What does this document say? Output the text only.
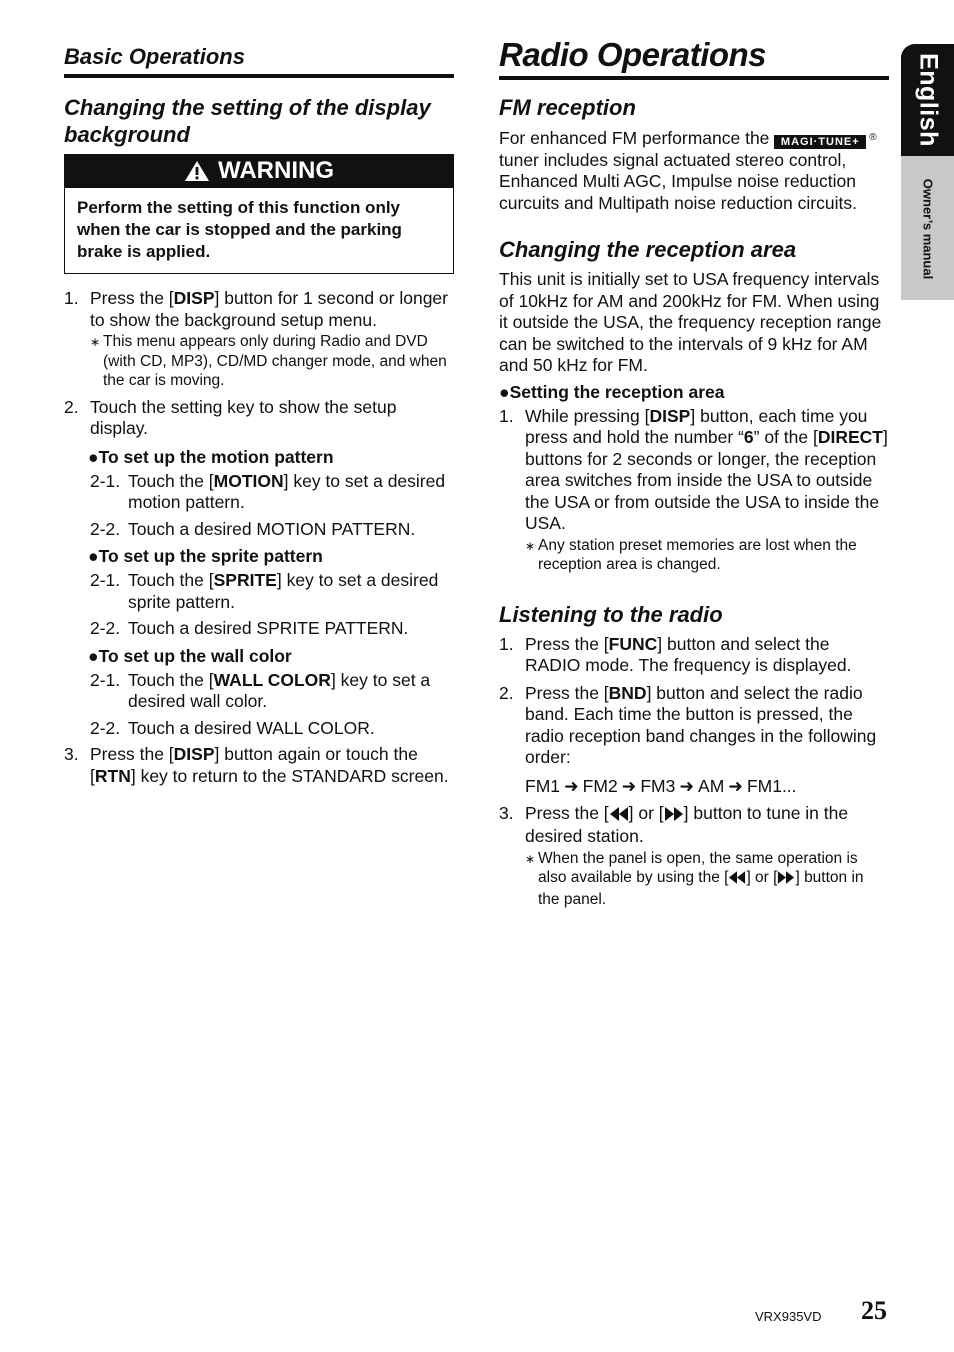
Basic Operations
Changing the setting of the display background
WARNING
Perform the setting of this function only when the car is stopped and the parking brake is applied.
1. Press the [DISP] button for 1 second or longer to show the background setup menu.
∗ This menu appears only during Radio and DVD (with CD, MP3), CD/MD changer mode, and when the car is moving.
2. Touch the setting key to show the setup display.
●To set up the motion pattern
2-1. Touch the [MOTION] key to set a desired motion pattern.
2-2. Touch a desired MOTION PATTERN.
●To set up the sprite pattern
2-1. Touch the [SPRITE] key to set a desired sprite pattern.
2-2. Touch a desired SPRITE PATTERN.
●To set up the wall color
2-1. Touch the [WALL COLOR] key to set a desired wall color.
2-2. Touch a desired WALL COLOR.
3. Press the [DISP] button again or touch the [RTN] key to return to the STANDARD screen.
Radio Operations
FM reception

For enhanced FM performance the MAGI·TUNE+ ® tuner includes signal actuated stereo control, Enhanced Multi AGC, Impulse noise reduction curcuits and Multipath noise reduction circuits.

Changing the reception area

This unit is initially set to USA frequency intervals of 10kHz for AM and 200kHz for FM. When using it outside the USA, the frequency reception range can be switched to the intervals of 9 kHz for AM and 50 kHz for FM.

●Setting the reception area
1. While pressing [DISP] button, each time you press and hold the number “6” of the [DIRECT] buttons for 2 seconds or longer, the reception area switches from inside the USA to outside the USA or from outside the USA to inside the USA.
∗ Any station preset memories are lost when the reception area is changed.
Listening to the radio
1. Press the [FUNC] button and select the RADIO mode. The frequency is displayed.
2. Press the [BND] button and select the radio band. Each time the button is pressed, the radio reception band changes in the following order:
FM1 ➜ FM2 ➜ FM3 ➜ AM ➜ FM1...
3. Press the [ ] or [ ] button to tune in the desired station.
∗ When the panel is open, the same operation is also available by using the [ ] or [ ] button in the panel.
English
Owner’s manual
VRX935VD 25
